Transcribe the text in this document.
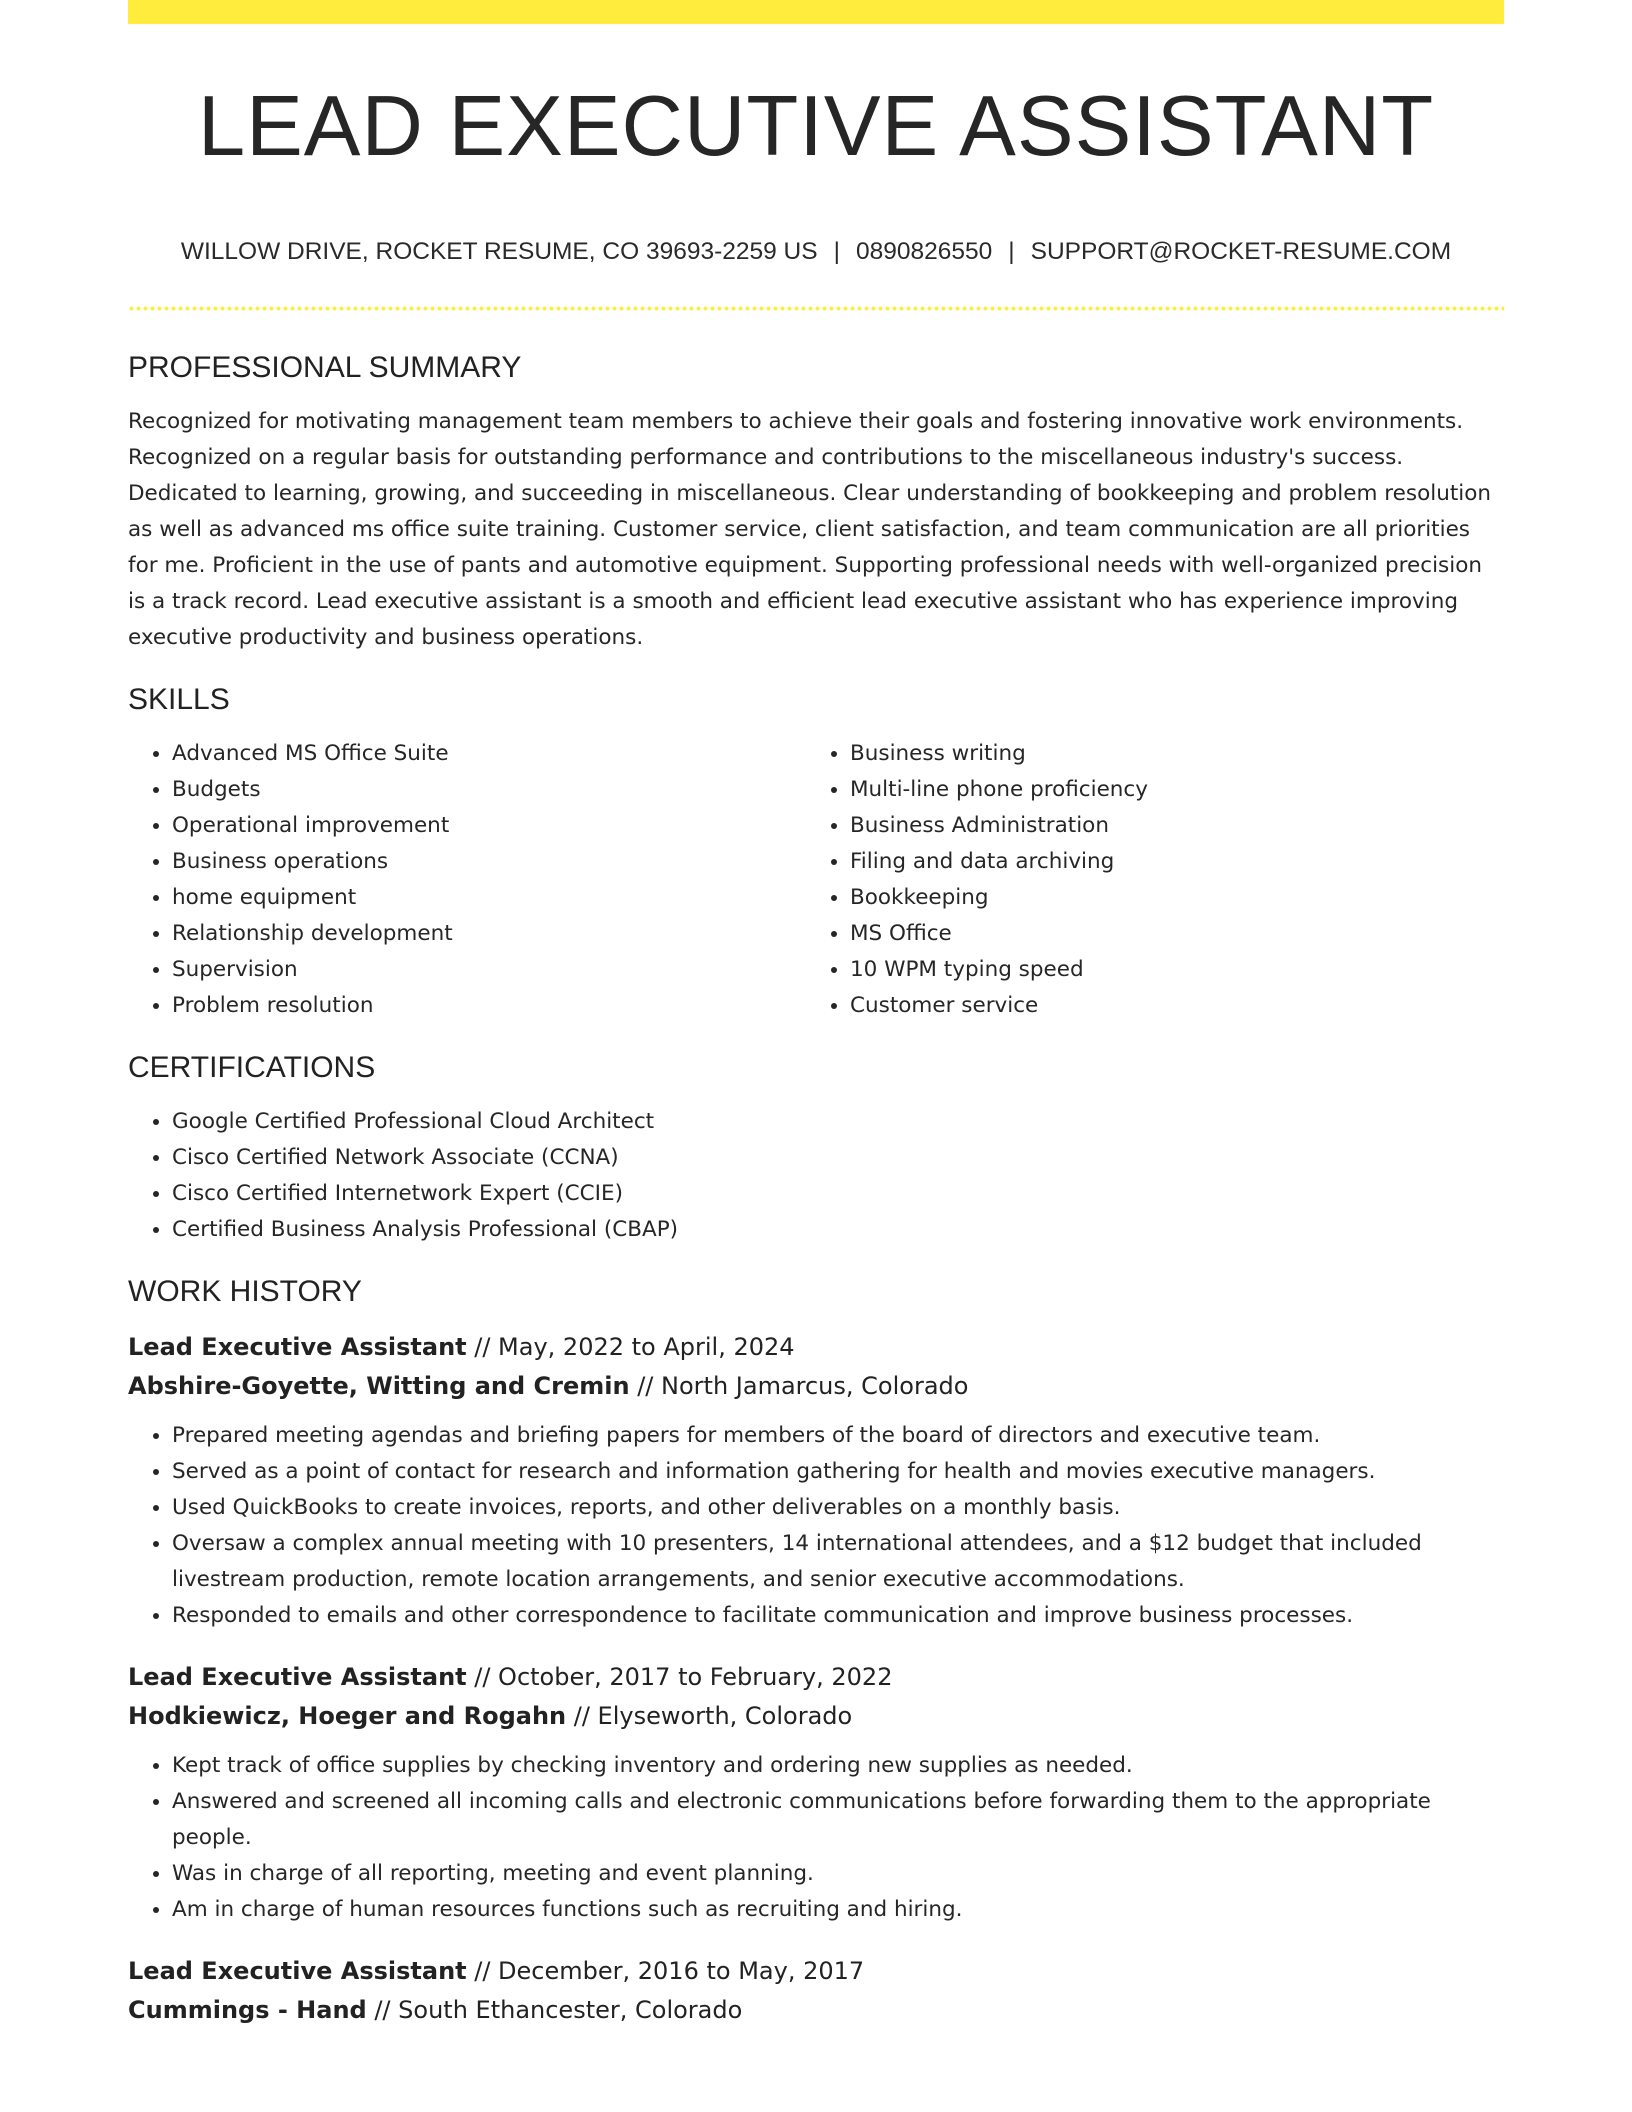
LEAD EXECUTIVE ASSISTANT
WILLOW DRIVE, ROCKET RESUME, CO 39693-2259 US | 0890826550 | SUPPORT@ROCKET-RESUME.COM
PROFESSIONAL SUMMARY

Recognized for motivating management team members to achieve their goals and fostering innovative work environments. Recognized on a regular basis for outstanding performance and contributions to the miscellaneous industry's success. Dedicated to learning, growing, and succeeding in miscellaneous. Clear understanding of bookkeeping and problem resolution as well as advanced ms office suite training. Customer service, client satisfaction, and team communication are all priorities for me. Proficient in the use of pants and automotive equipment. Supporting professional needs with well-organized precision is a track record. Lead executive assistant is a smooth and efficient lead executive assistant who has experience improving executive productivity and business operations.

SKILLS
• Advanced MS Office Suite
• Budgets
• Operational improvement
• Business operations
• home equipment
• Relationship development
• Supervision
• Problem resolution
• Business writing
• Multi-line phone proficiency
• Business Administration
• Filing and data archiving
• Bookkeeping
• MS Office
• 10 WPM typing speed
• Customer service
CERTIFICATIONS
• Google Certified Professional Cloud Architect
• Cisco Certified Network Associate (CCNA)
• Cisco Certified Internetwork Expert (CCIE)
• Certified Business Analysis Professional (CBAP)
WORK HISTORY
Lead Executive Assistant // May, 2022 to April, 2024
Abshire-Goyette, Witting and Cremin // North Jamarcus, Colorado
• Prepared meeting agendas and briefing papers for members of the board of directors and executive team.
• Served as a point of contact for research and information gathering for health and movies executive managers.
• Used QuickBooks to create invoices, reports, and other deliverables on a monthly basis.
• Oversaw a complex annual meeting with 10 presenters, 14 international attendees, and a $12 budget that included livestream production, remote location arrangements, and senior executive accommodations.
• Responded to emails and other correspondence to facilitate communication and improve business processes.
Lead Executive Assistant // October, 2017 to February, 2022
Hodkiewicz, Hoeger and Rogahn // Elyseworth, Colorado
• Kept track of office supplies by checking inventory and ordering new supplies as needed.
• Answered and screened all incoming calls and electronic communications before forwarding them to the appropriate people.
• Was in charge of all reporting, meeting and event planning.
• Am in charge of human resources functions such as recruiting and hiring.
Lead Executive Assistant // December, 2016 to May, 2017
Cummings - Hand // South Ethancester, Colorado
